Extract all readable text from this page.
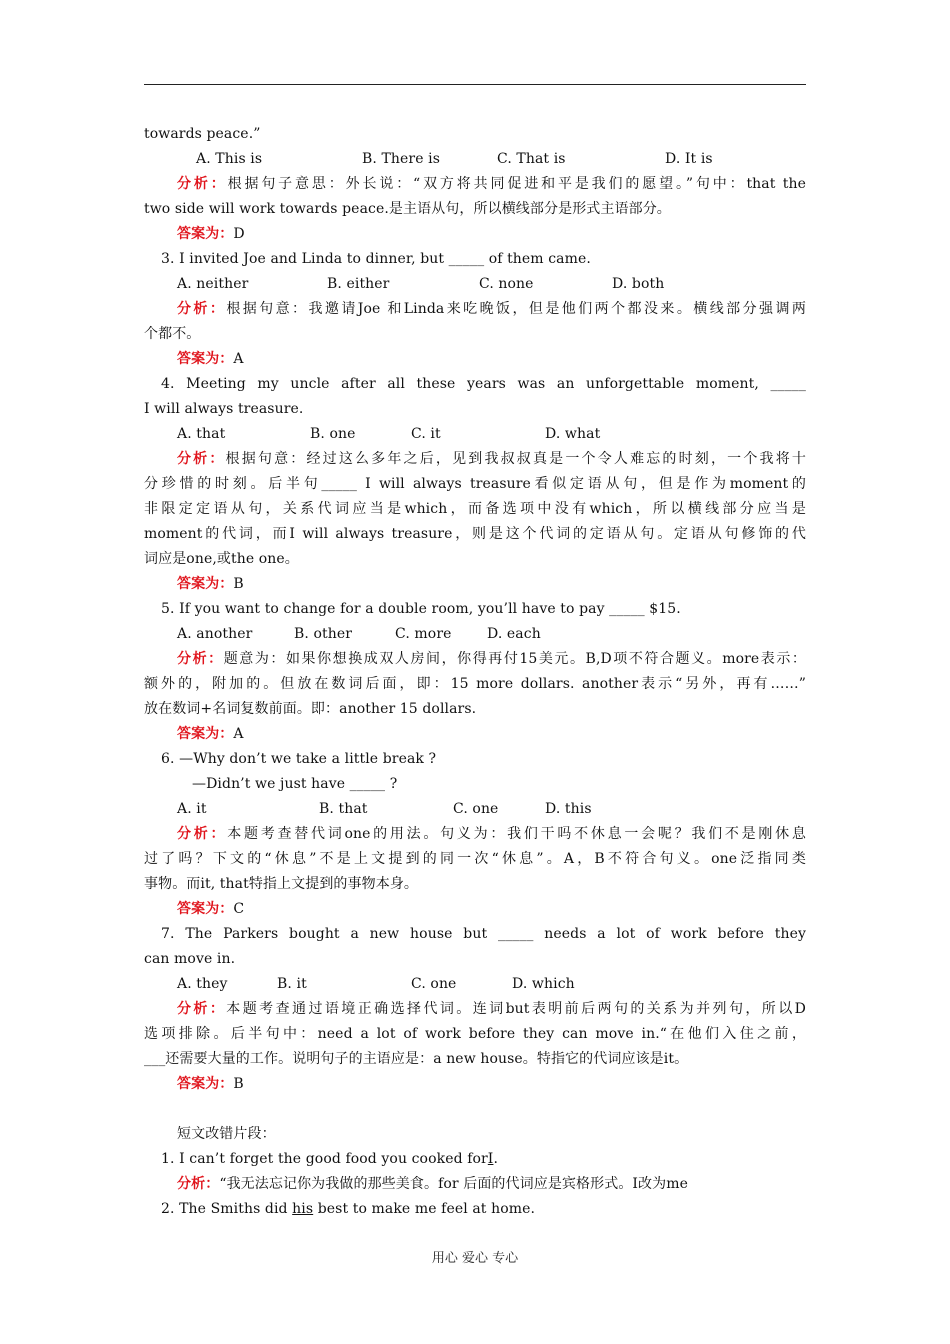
towards peace.”
A. This is	B. There is	C. That is	D. It is
分析：根据句子意思：外长说：“双方将共同促进和平是我们的愿望。”句中：that the
two side will work towards peace.是主语从句，所以横线部分是形式主语部分。
答案为：D
3. I invited Joe and Linda to dinner, but _____ of them came.
A. neither	B. either	C. none	D. both
分析：根据句意：我邀请Joe 和Linda来吃晚饭，但是他们两个都没来。横线部分强调两
个都不。
答案为：A
4. Meeting my uncle after all these years was an unforgettable moment, _____
I will always treasure.
A. that	B. one	C. it	D. what
分析：根据句意：经过这么多年之后，见到我叔叔真是一个令人难忘的时刻，一个我将十
分珍惜的时刻。后半句_____ I will always treasure看似定语从句，但是作为moment的
非限定定语从句，关系代词应当是which，而备选项中没有which，所以横线部分应当是
moment的代词，而I will always treasure，则是这个代词的定语从句。定语从句修饰的代
词应是one,或the one。
答案为：B
5. If you want to change for a double room, you’ll have to pay _____ $15.
A. another	B. other	C. more	D. each
分析：题意为：如果你想换成双人房间，你得再付15美元。B,D项不符合题义。more表示：
额外的，附加的。但放在数词后面，即：15 more dollars. another表示“另外，再有……”
放在数词+名词复数前面。即：another 15 dollars.
答案为：A
6. —Why don’t we take a little break ?
—Didn’t we just have _____ ?
A. it	B. that	C. one	D. this
分析：本题考查替代词one的用法。句义为：我们干吗不休息一会呢？我们不是刚休息
过了吗？下文的“休息”不是上文提到的同一次“休息”。A，B不符合句义。one泛指同类
事物。而it, that特指上文提到的事物本身。
答案为：C
7. The Parkers bought a new house but _____ needs a lot of work before they
can move in.
A. they	B. it	C. one	D. which
分析：本题考查通过语境正确选择代词。连词but表明前后两句的关系为并列句，所以D
选项排除。后半句中：need a lot of work before they can move in.“在他们入住之前，
___还需要大量的工作。说明句子的主语应是：a new house。特指它的代词应该是it。
答案为：B
短文改错片段：
1. I can’t forget the good food you cooked forI.
分析：“我无法忘记你为我做的那些美食。for 后面的代词应是宾格形式。I改为me
2. The Smiths did his best to make me feel at home.
用心 爱心 专心
